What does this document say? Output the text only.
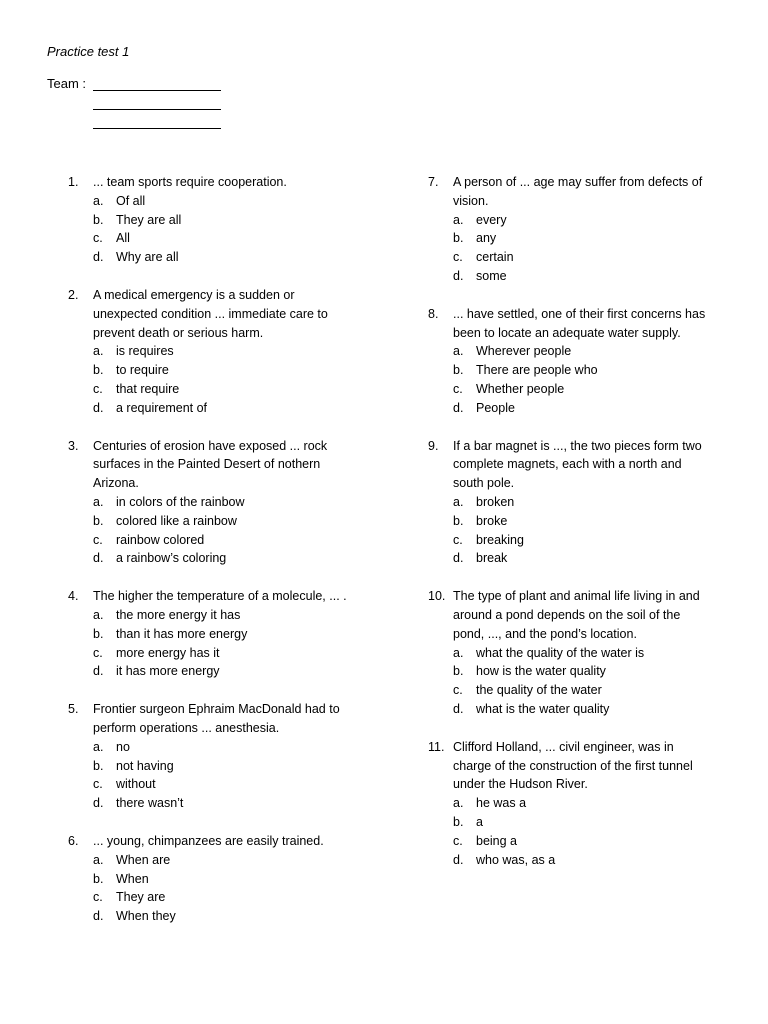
Practice test 1
Team :
1.	... team sports require cooperation.
a.	Of all
b.	They are all
c.	All
d.	Why are all
2.	A medical emergency is a sudden or
unexpected condition ... immediate care to
prevent death or serious harm.
a.	is requires
b.	to require
c.	that require
d.	a requirement of
3.	Centuries of erosion have exposed ... rock
surfaces in the Painted Desert of nothern
Arizona.
a.	in colors of the rainbow
b.	colored like a rainbow
c.	rainbow colored
d.	a rainbow’s coloring
4.	The higher the temperature of a molecule, ... .
a.	the more energy it has
b.	than it has more energy
c.	more energy has it
d.	it has more energy
5.	Frontier surgeon Ephraim MacDonald had to
perform operations ... anesthesia.
a.	no
b.	not having
c.	without
d.	there wasn’t
6.	... young, chimpanzees are easily trained.
a.	When are
b.	When
c.	They are
d.	When they
7.	A person of ... age may suffer from defects of
vision.
a.	every
b.	any
c.	certain
d.	some
8.	... have settled, one of their first concerns has
been to locate an adequate water supply.
a.	Wherever people
b.	There are people who
c.	Whether people
d.	People
9.	If a bar magnet is ..., the two pieces form two
complete magnets, each with a north and
south pole.
a.	broken
b.	broke
c.	breaking
d.	break
10. The type of plant and animal life living in and
around a pond depends on the soil of the
pond, ..., and the pond’s location.
a.	what the quality of the water is
b.	how is the water quality
c.	the quality of the water
d.	what is the water quality
11. Clifford Holland, ... civil engineer, was in
charge of the construction of the first tunnel
under the Hudson River.
a.	he was a
b.	a
c.	being a
d.	who was, as a
